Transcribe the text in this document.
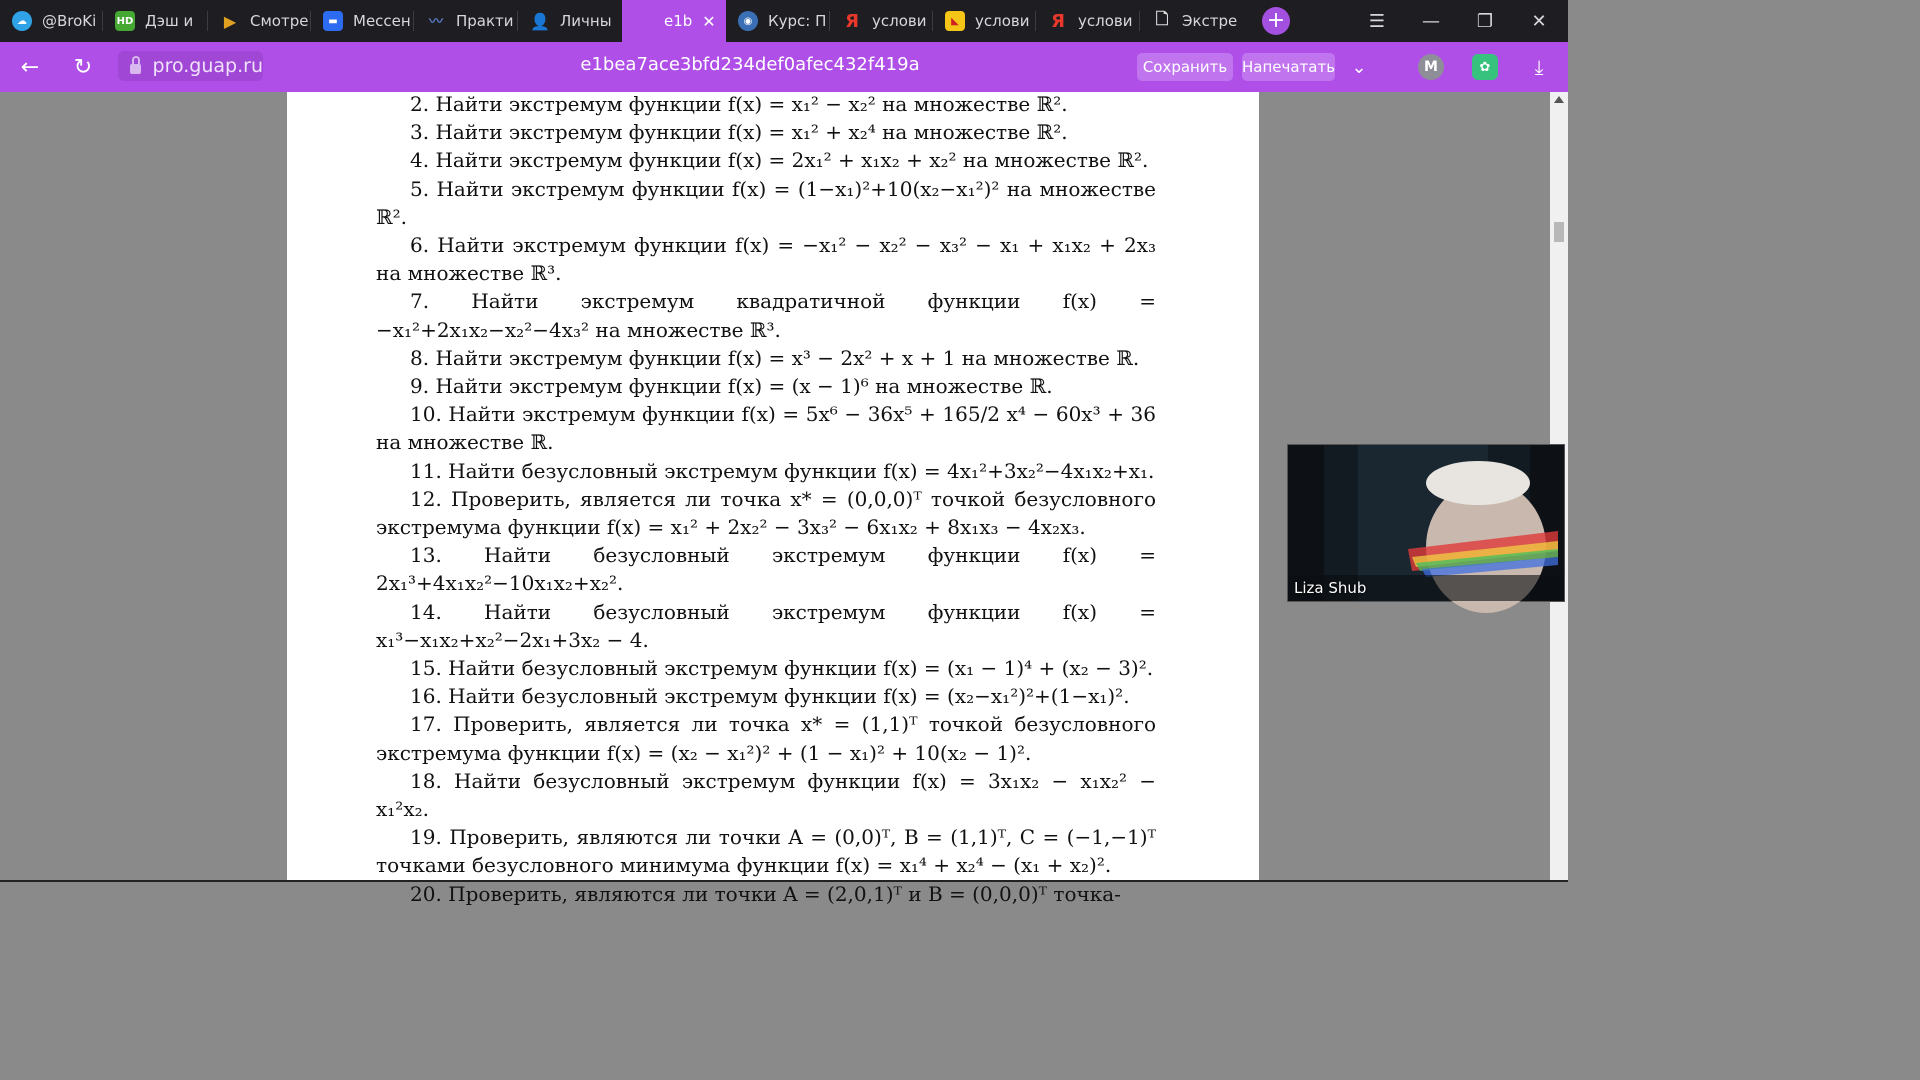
☁	@BroKi HD Дэш и ▶ Смотре	▬	Мессен 〰 Практи 👤 Личны	e1b ✕	◉	Курс: П Я услови	◣	услови Я услови 🗋 Экстре +	☰	—	❐	✕
←	↻	pro.guap.ru	e1bea7ace3bfd234def0afec432f419a	Сохранить Напечатать ⌄	M	✿	⤓
2. Найти экстремум функции f(x) = x₁² − x₂² на множестве ℝ².
3. Найти экстремум функции f(x) = x₁² + x₂⁴ на множестве ℝ².
4. Найти экстремум функции f(x) = 2x₁² + x₁x₂ + x₂² на множестве ℝ².
5. Найти экстремум функции f(x) = (1−x₁)²+10(x₂−x₁²)² на множестве ℝ².
6. Найти экстремум функции f(x) = −x₁² − x₂² − x₃² − x₁ + x₁x₂ + 2x₃ на множестве ℝ³.
7. Найти экстремум квадратичной функции f(x) = −x₁²+2x₁x₂−x₂²−4x₃² на множестве ℝ³.
8. Найти экстремум функции f(x) = x³ − 2x² + x + 1 на множестве ℝ.
9. Найти экстремум функции f(x) = (x − 1)⁶ на множестве ℝ.
10. Найти экстремум функции f(x) = 5x⁶ − 36x⁵ + 165/2 x⁴ − 60x³ + 36 на множестве ℝ.
11. Найти безусловный экстремум функции f(x) = 4x₁²+3x₂²−4x₁x₂+x₁.
12. Проверить, является ли точка x* = (0,0,0)ᵀ точкой безусловного экстремума функции f(x) = x₁² + 2x₂² − 3x₃² − 6x₁x₂ + 8x₁x₃ − 4x₂x₃.
13. Найти безусловный экстремум функции f(x) = 2x₁³+4x₁x₂²−10x₁x₂+x₂².
14. Найти безусловный экстремум функции f(x) = x₁³−x₁x₂+x₂²−2x₁+3x₂ − 4.
15. Найти безусловный экстремум функции f(x) = (x₁ − 1)⁴ + (x₂ − 3)².
16. Найти безусловный экстремум функции f(x) = (x₂−x₁²)²+(1−x₁)².
17. Проверить, является ли точка x* = (1,1)ᵀ точкой безусловного экстремума функции f(x) = (x₂ − x₁²)² + (1 − x₁)² + 10(x₂ − 1)².
18. Найти безусловный экстремум функции f(x) = 3x₁x₂ − x₁x₂² − x₁²x₂.
19. Проверить, являются ли точки A = (0,0)ᵀ, B = (1,1)ᵀ, C = (−1,−1)ᵀ точками безусловного минимума функции f(x) = x₁⁴ + x₂⁴ − (x₁ + x₂)².
20. Проверить, являются ли точки A = (2,0,1)ᵀ и B = (0,0,0)ᵀ точка-
Liza Shub
